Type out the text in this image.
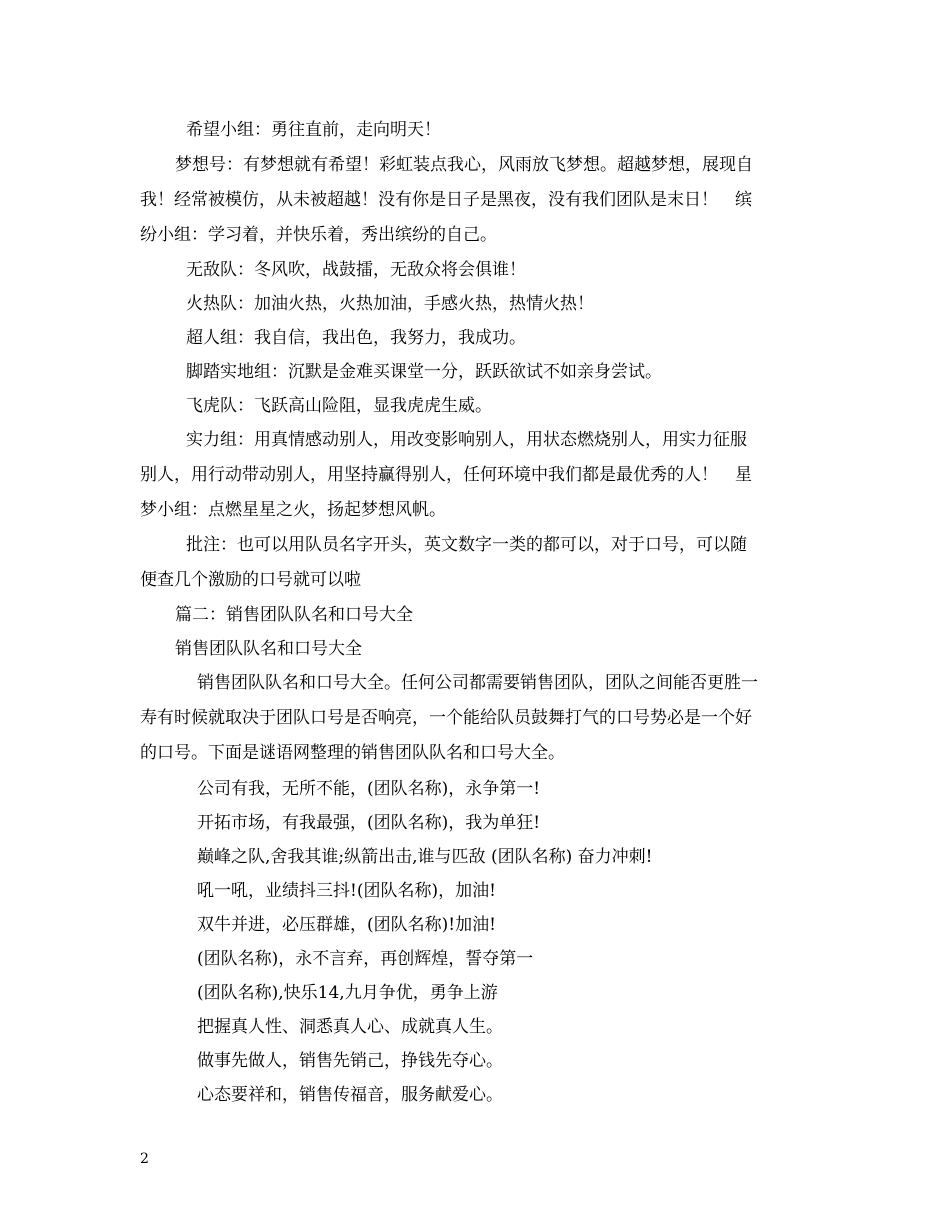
希望小组：勇往直前，走向明天！
梦想号：有梦想就有希望！彩虹装点我心，风雨放飞梦想。超越梦想，展现自
我！经常被模仿，从未被超越！没有你是日子是黑夜，没有我们团队是末日！　缤
纷小组：学习着，并快乐着，秀出缤纷的自己。
无敌队：冬风吹，战鼓擂，无敌众将会俱谁！
火热队：加油火热，火热加油，手感火热，热情火热！
超人组：我自信，我出色，我努力，我成功。
脚踏实地组：沉默是金难买课堂一分，跃跃欲试不如亲身尝试。
飞虎队：飞跃高山险阻，显我虎虎生威。
实力组：用真情感动别人，用改变影响别人，用状态燃烧别人，用实力征服
别人，用行动带动别人，用坚持赢得别人，任何环境中我们都是最优秀的人！　星
梦小组：点燃星星之火，扬起梦想风帆。
批注：也可以用队员名字开头，英文数字一类的都可以，对于口号，可以随
便查几个激励的口号就可以啦
篇二：销售团队队名和口号大全
销售团队队名和口号大全
销售团队队名和口号大全。任何公司都需要销售团队，团队之间能否更胜一
寿有时候就取决于团队口号是否响亮，一个能给队员鼓舞打气的口号势必是一个好
的口号。下面是谜语网整理的销售团队队名和口号大全。
公司有我，无所不能，(团队名称)，永争第一!
开拓市场，有我最强，(团队名称)，我为单狂!
巅峰之队,舍我其谁;纵箭出击,谁与匹敌 (团队名称) 奋力冲刺!
吼一吼，业绩抖三抖!(团队名称)，加油!
双牛并进，必压群雄，(团队名称)!加油!
(团队名称)，永不言弃，再创辉煌，誓夺第一
(团队名称),快乐14,九月争优，勇争上游
把握真人性、洞悉真人心、成就真人生。
做事先做人，销售先销己，挣钱先夺心。
心态要祥和，销售传福音，服务献爱心。
2
